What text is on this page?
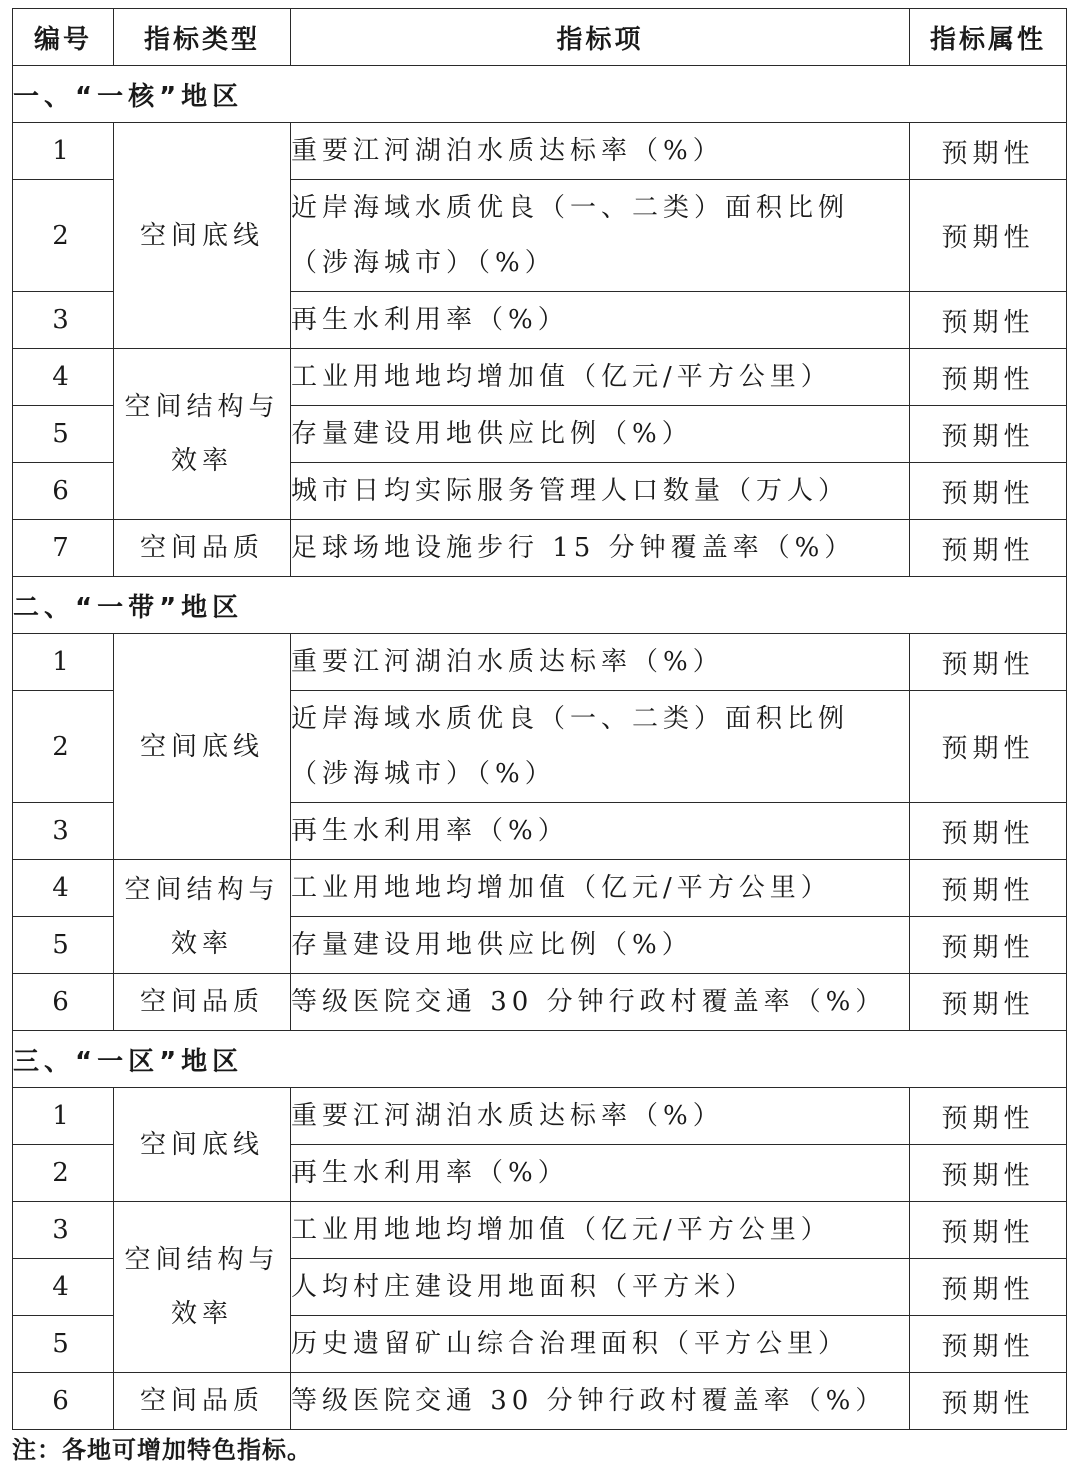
编号	指标类型	指标项	指标属性
一、“一核”地区			
1	空间底线	重要江河湖泊水质达标率（%）	预期性
2		近岸海域水质优良（一、二类）面积比例（涉海城市）（%）	预期性
3		再生水利用率（%）	预期性
4	空间结构与效率	工业用地地均增加值（亿元/平方公里）	预期性
5		存量建设用地供应比例（%）	预期性
6		城市日均实际服务管理人口数量（万人）	预期性
7	空间品质	足球场地设施步行 15 分钟覆盖率（%）	预期性
二、“一带”地区			
1	空间底线	重要江河湖泊水质达标率（%）	预期性
2		近岸海域水质优良（一、二类）面积比例（涉海城市）（%）	预期性
3		再生水利用率（%）	预期性
4	空间结构与效率	工业用地地均增加值（亿元/平方公里）	预期性
5		存量建设用地供应比例（%）	预期性
6	空间品质	等级医院交通 30 分钟行政村覆盖率（%）	预期性
三、“一区”地区			
1	空间底线	重要江河湖泊水质达标率（%）	预期性
2		再生水利用率（%）	预期性
3	空间结构与效率	工业用地地均增加值（亿元/平方公里）	预期性
4		人均村庄建设用地面积（平方米）	预期性
5		历史遗留矿山综合治理面积（平方公里）	预期性
6	空间品质	等级医院交通 30 分钟行政村覆盖率（%）	预期性
注：各地可增加特色指标。
